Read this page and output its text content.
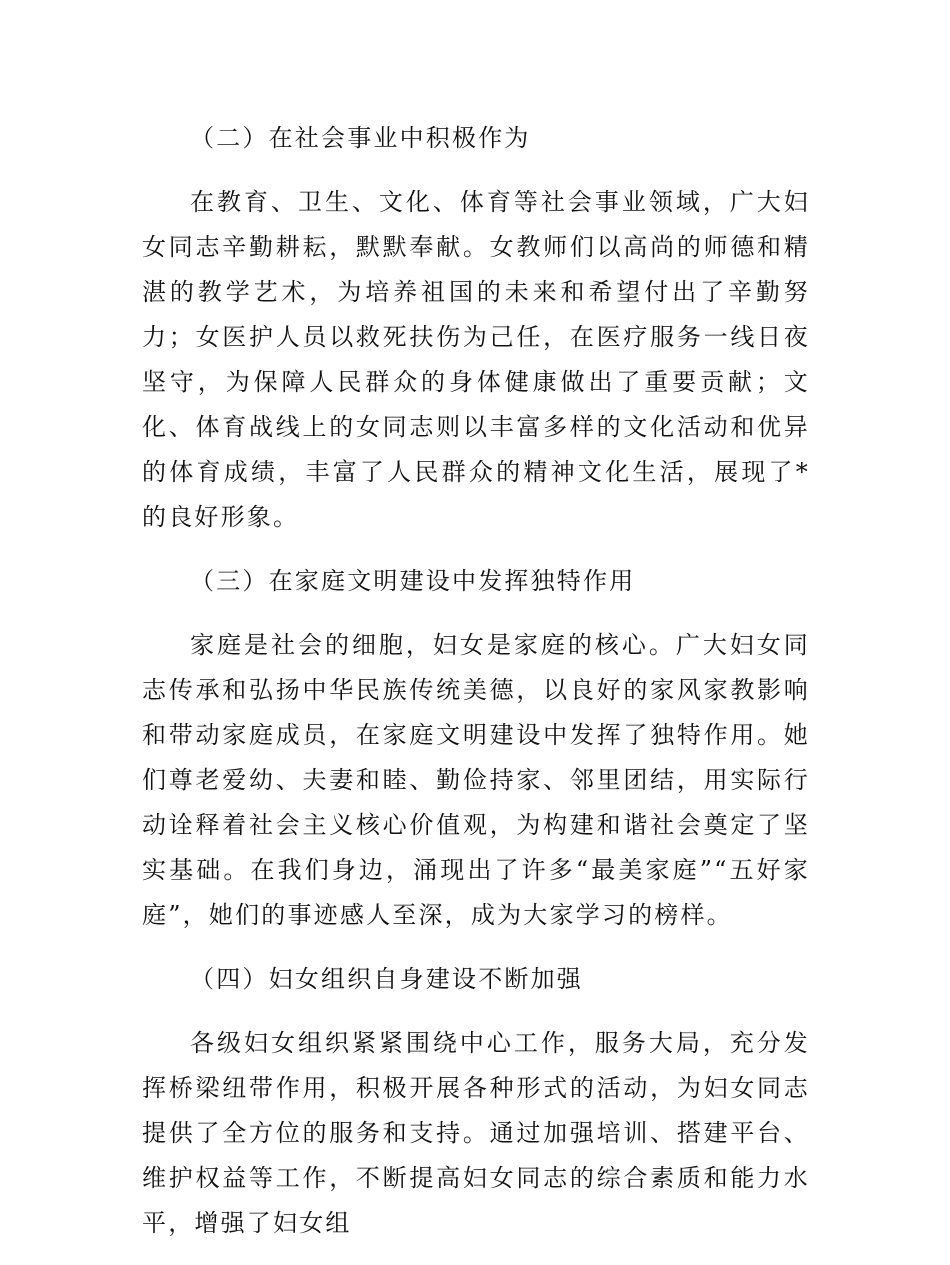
（二）在社会事业中积极作为

在教育、卫生、文化、体育等社会事业领域，广大妇女同志辛勤耕耘，默默奉献。女教师们以高尚的师德和精湛的教学艺术，为培养祖国的未来和希望付出了辛勤努力；女医护人员以救死扶伤为己任，在医疗服务一线日夜坚守，为保障人民群众的身体健康做出了重要贡献；文化、体育战线上的女同志则以丰富多样的文化活动和优异的体育成绩，丰富了人民群众的精神文化生活，展现了*的良好形象。

（三）在家庭文明建设中发挥独特作用

家庭是社会的细胞，妇女是家庭的核心。广大妇女同志传承和弘扬中华民族传统美德，以良好的家风家教影响和带动家庭成员，在家庭文明建设中发挥了独特作用。她们尊老爱幼、夫妻和睦、勤俭持家、邻里团结，用实际行动诠释着社会主义核心价值观，为构建和谐社会奠定了坚实基础。在我们身边，涌现出了许多“最美家庭”“五好家庭”，她们的事迹感人至深，成为大家学习的榜样。

（四）妇女组织自身建设不断加强

各级妇女组织紧紧围绕中心工作，服务大局，充分发挥桥梁纽带作用，积极开展各种形式的活动，为妇女同志提供了全方位的服务和支持。通过加强培训、搭建平台、维护权益等工作，不断提高妇女同志的综合素质和能力水平，增强了妇女组
